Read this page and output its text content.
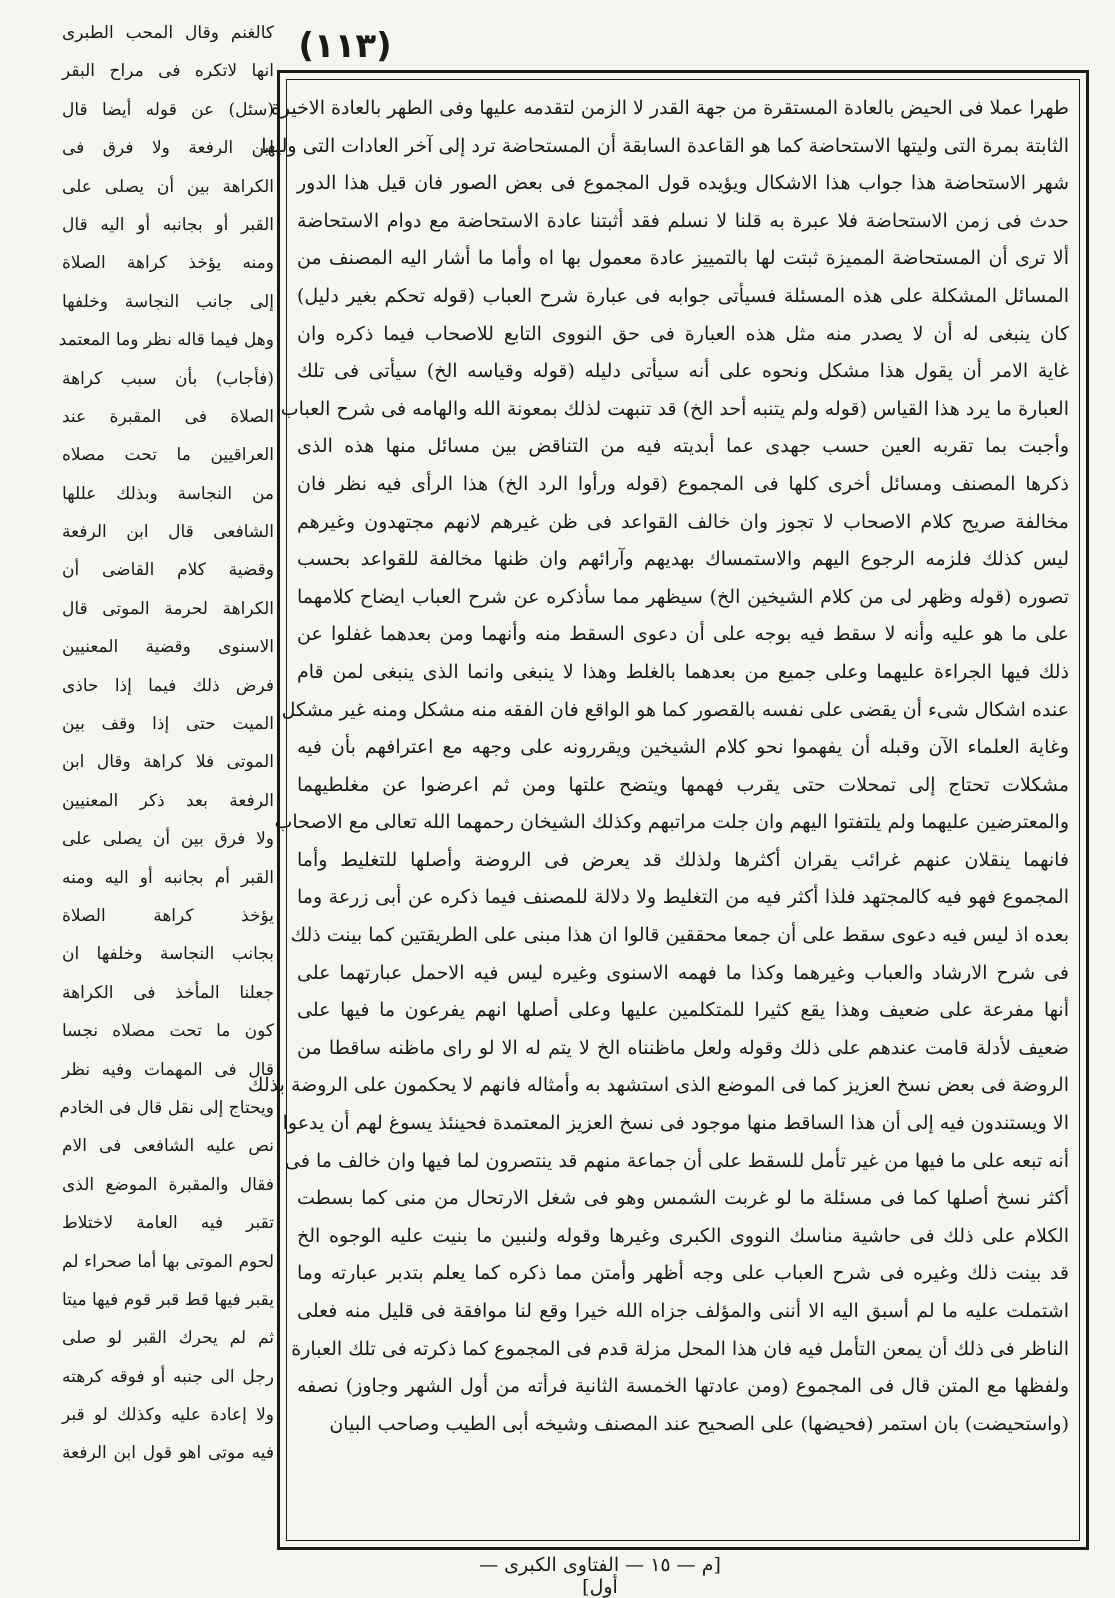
(١١٣)
كالغنم وقال المحب الطبرى
انها لاتكره فى مراح البقر
(سئل) عن قوله أيضا قال
ابن الرفعة ولا فرق فى
الكراهة بين أن يصلى على
القبر أو بجانبه أو اليه قال
ومنه يؤخذ كراهة الصلاة
إلى جانب النجاسة وخلفها
وهل فيما قاله نظر وما المعتمد
(فأجاب) بأن سبب كراهة
الصلاة فى المقبرة عند
العراقيين ما تحت مصلاه
من النجاسة وبذلك عللها
الشافعى قال ابن الرفعة
وقضية كلام القاضى أن
الكراهة لحرمة الموتى قال
الاسنوى وقضية المعنيين
فرض ذلك فيما إذا حاذى
الميت حتى إذا وقف بين
الموتى فلا كراهة وقال ابن
الرفعة بعد ذكر المعنيين
ولا فرق بين أن يصلى على
القبر أم بجانبه أو اليه ومنه
يؤخذ كراهة الصلاة
بجانب النجاسة وخلفها ان
جعلنا المأخذ فى الكراهة
كون ما تحت مصلاه نجسا
قال فى المهمات وفيه نظر
ويحتاج إلى نقل قال فى الخادم
نص عليه الشافعى فى الام
فقال والمقبرة الموضع الذى
تقبر فيه العامة لاختلاط
لحوم الموتى بها أما صحراء لم
يقبر فيها قط قبر قوم فيها ميتا
ثم لم يحرك القبر لو صلى
رجل الى جنبه أو فوقه كرهته
ولا إعادة عليه وكذلك لو قبر
فيه موتى اهو قول ابن الرفعة
طهرا عملا فى الحيض بالعادة المستقرة من جهة القدر لا الزمن لتقدمه عليها وفى الطهر بالعادة الاخيرة
الثابتة بمرة التى وليتها الاستحاضة كما هو القاعدة السابقة أن المستحاضة ترد إلى آخر العادات التى وليها
شهر الاستحاضة هذا جواب هذا الاشكال ويؤيده قول المجموع فى بعض الصور فان قيل هذا الدور
حدث فى زمن الاستحاضة فلا عبرة به قلنا لا نسلم فقد أثبتنا عادة الاستحاضة مع دوام الاستحاضة
ألا ترى أن المستحاضة المميزة ثبتت لها بالتمييز عادة معمول بها اه وأما ما أشار اليه المصنف من
المسائل المشكلة على هذه المسئلة فسيأتى جوابه فى عبارة شرح العباب (قوله تحكم بغير دليل)
كان ينبغى له أن لا يصدر منه مثل هذه العبارة فى حق النووى التابع للاصحاب فيما ذكره وان
غاية الامر أن يقول هذا مشكل ونحوه على أنه سيأتى دليله (قوله وقياسه الخ) سيأتى فى تلك
العبارة ما يرد هذا القياس (قوله ولم يتنبه أحد الخ) قد تنبهت لذلك بمعونة الله والهامه فى شرح العباب
وأجبت بما تقربه العين حسب جهدى عما أبديته فيه من التناقض بين مسائل منها هذه الذى
ذكرها المصنف ومسائل أخرى كلها فى المجموع (قوله ورأوا الرد الخ) هذا الرأى فيه نظر فان
مخالفة صريح كلام الاصحاب لا تجوز وان خالف القواعد فى ظن غيرهم لانهم مجتهدون وغيرهم
ليس كذلك فلزمه الرجوع اليهم والاستمساك بهديهم وآرائهم وان ظنها مخالفة للقواعد بحسب
تصوره (قوله وظهر لى من كلام الشيخين الخ) سيظهر مما سأذكره عن شرح العباب ايضاح كلامهما
على ما هو عليه وأنه لا سقط فيه بوجه على أن دعوى السقط منه وأنهما ومن بعدهما غفلوا عن
ذلك فيها الجراءة عليهما وعلى جميع من بعدهما بالغلط وهذا لا ينبغى وانما الذى ينبغى لمن قام
عنده اشكال شىء أن يقضى على نفسه بالقصور كما هو الواقع فان الفقه منه مشكل ومنه غير مشكل
وغاية العلماء الآن وقبله أن يفهموا نحو كلام الشيخين ويقررونه على وجهه مع اعترافهم بأن فيه
مشكلات تحتاج إلى تمحلات حتى يقرب فهمها ويتضح علتها ومن ثم اعرضوا عن مغلطيهما
والمعترضين عليهما ولم يلتفتوا اليهم وان جلت مراتبهم وكذلك الشيخان رحمهما الله تعالى مع الاصحاب
فانهما ينقلان عنهم غرائب يقران أكثرها ولذلك قد يعرض فى الروضة وأصلها للتغليط وأما
المجموع فهو فيه كالمجتهد فلذا أكثر فيه من التغليط ولا دلالة للمصنف فيما ذكره عن أبى زرعة وما
بعده اذ ليس فيه دعوى سقط على أن جمعا محققين قالوا ان هذا مبنى على الطريقتين كما بينت ذلك
فى شرح الارشاد والعباب وغيرهما وكذا ما فهمه الاسنوى وغيره ليس فيه الاحمل عبارتهما على
أنها مفرعة على ضعيف وهذا يقع كثيرا للمتكلمين عليها وعلى أصلها انهم يفرعون ما فيها على
ضعيف لأدلة قامت عندهم على ذلك وقوله ولعل ماظنناه الخ لا يتم له الا لو راى ماظنه ساقطا من
الروضة فى بعض نسخ العزيز كما فى الموضع الذى استشهد به وأمثاله فانهم لا يحكمون على الروضة بذلك
الا ويستندون فيه إلى أن هذا الساقط منها موجود فى نسخ العزيز المعتمدة فحينئذ يسوغ لهم أن يدعوا
أنه تبعه على ما فيها من غير تأمل للسقط على أن جماعة منهم قد ينتصرون لما فيها وان خالف ما فى
أكثر نسخ أصلها كما فى مسئلة ما لو غربت الشمس وهو فى شغل الارتحال من منى كما بسطت
الكلام على ذلك فى حاشية مناسك النووى الكبرى وغيرها وقوله ولنبين ما بنيت عليه الوجوه الخ
قد بينت ذلك وغيره فى شرح العباب على وجه أظهر وأمتن مما ذكره كما يعلم بتدبر عبارته وما
اشتملت عليه ما لم أسبق اليه الا أننى والمؤلف جزاه الله خيرا وقع لنا موافقة فى قليل منه فعلى
الناظر فى ذلك أن يمعن التأمل فيه فان هذا المحل مزلة قدم فى المجموع كما ذكرته فى تلك العبارة
ولفظها مع المتن قال فى المجموع (ومن عادتها الخمسة الثانية فرأته من أول الشهر وجاوز) نصفه
(واستحيضت) بان استمر (فحيضها) على الصحيح عند المصنف وشيخه أبى الطيب وصاحب البيان
[م — ١٥ — الفتاوى الكبرى — أول]
